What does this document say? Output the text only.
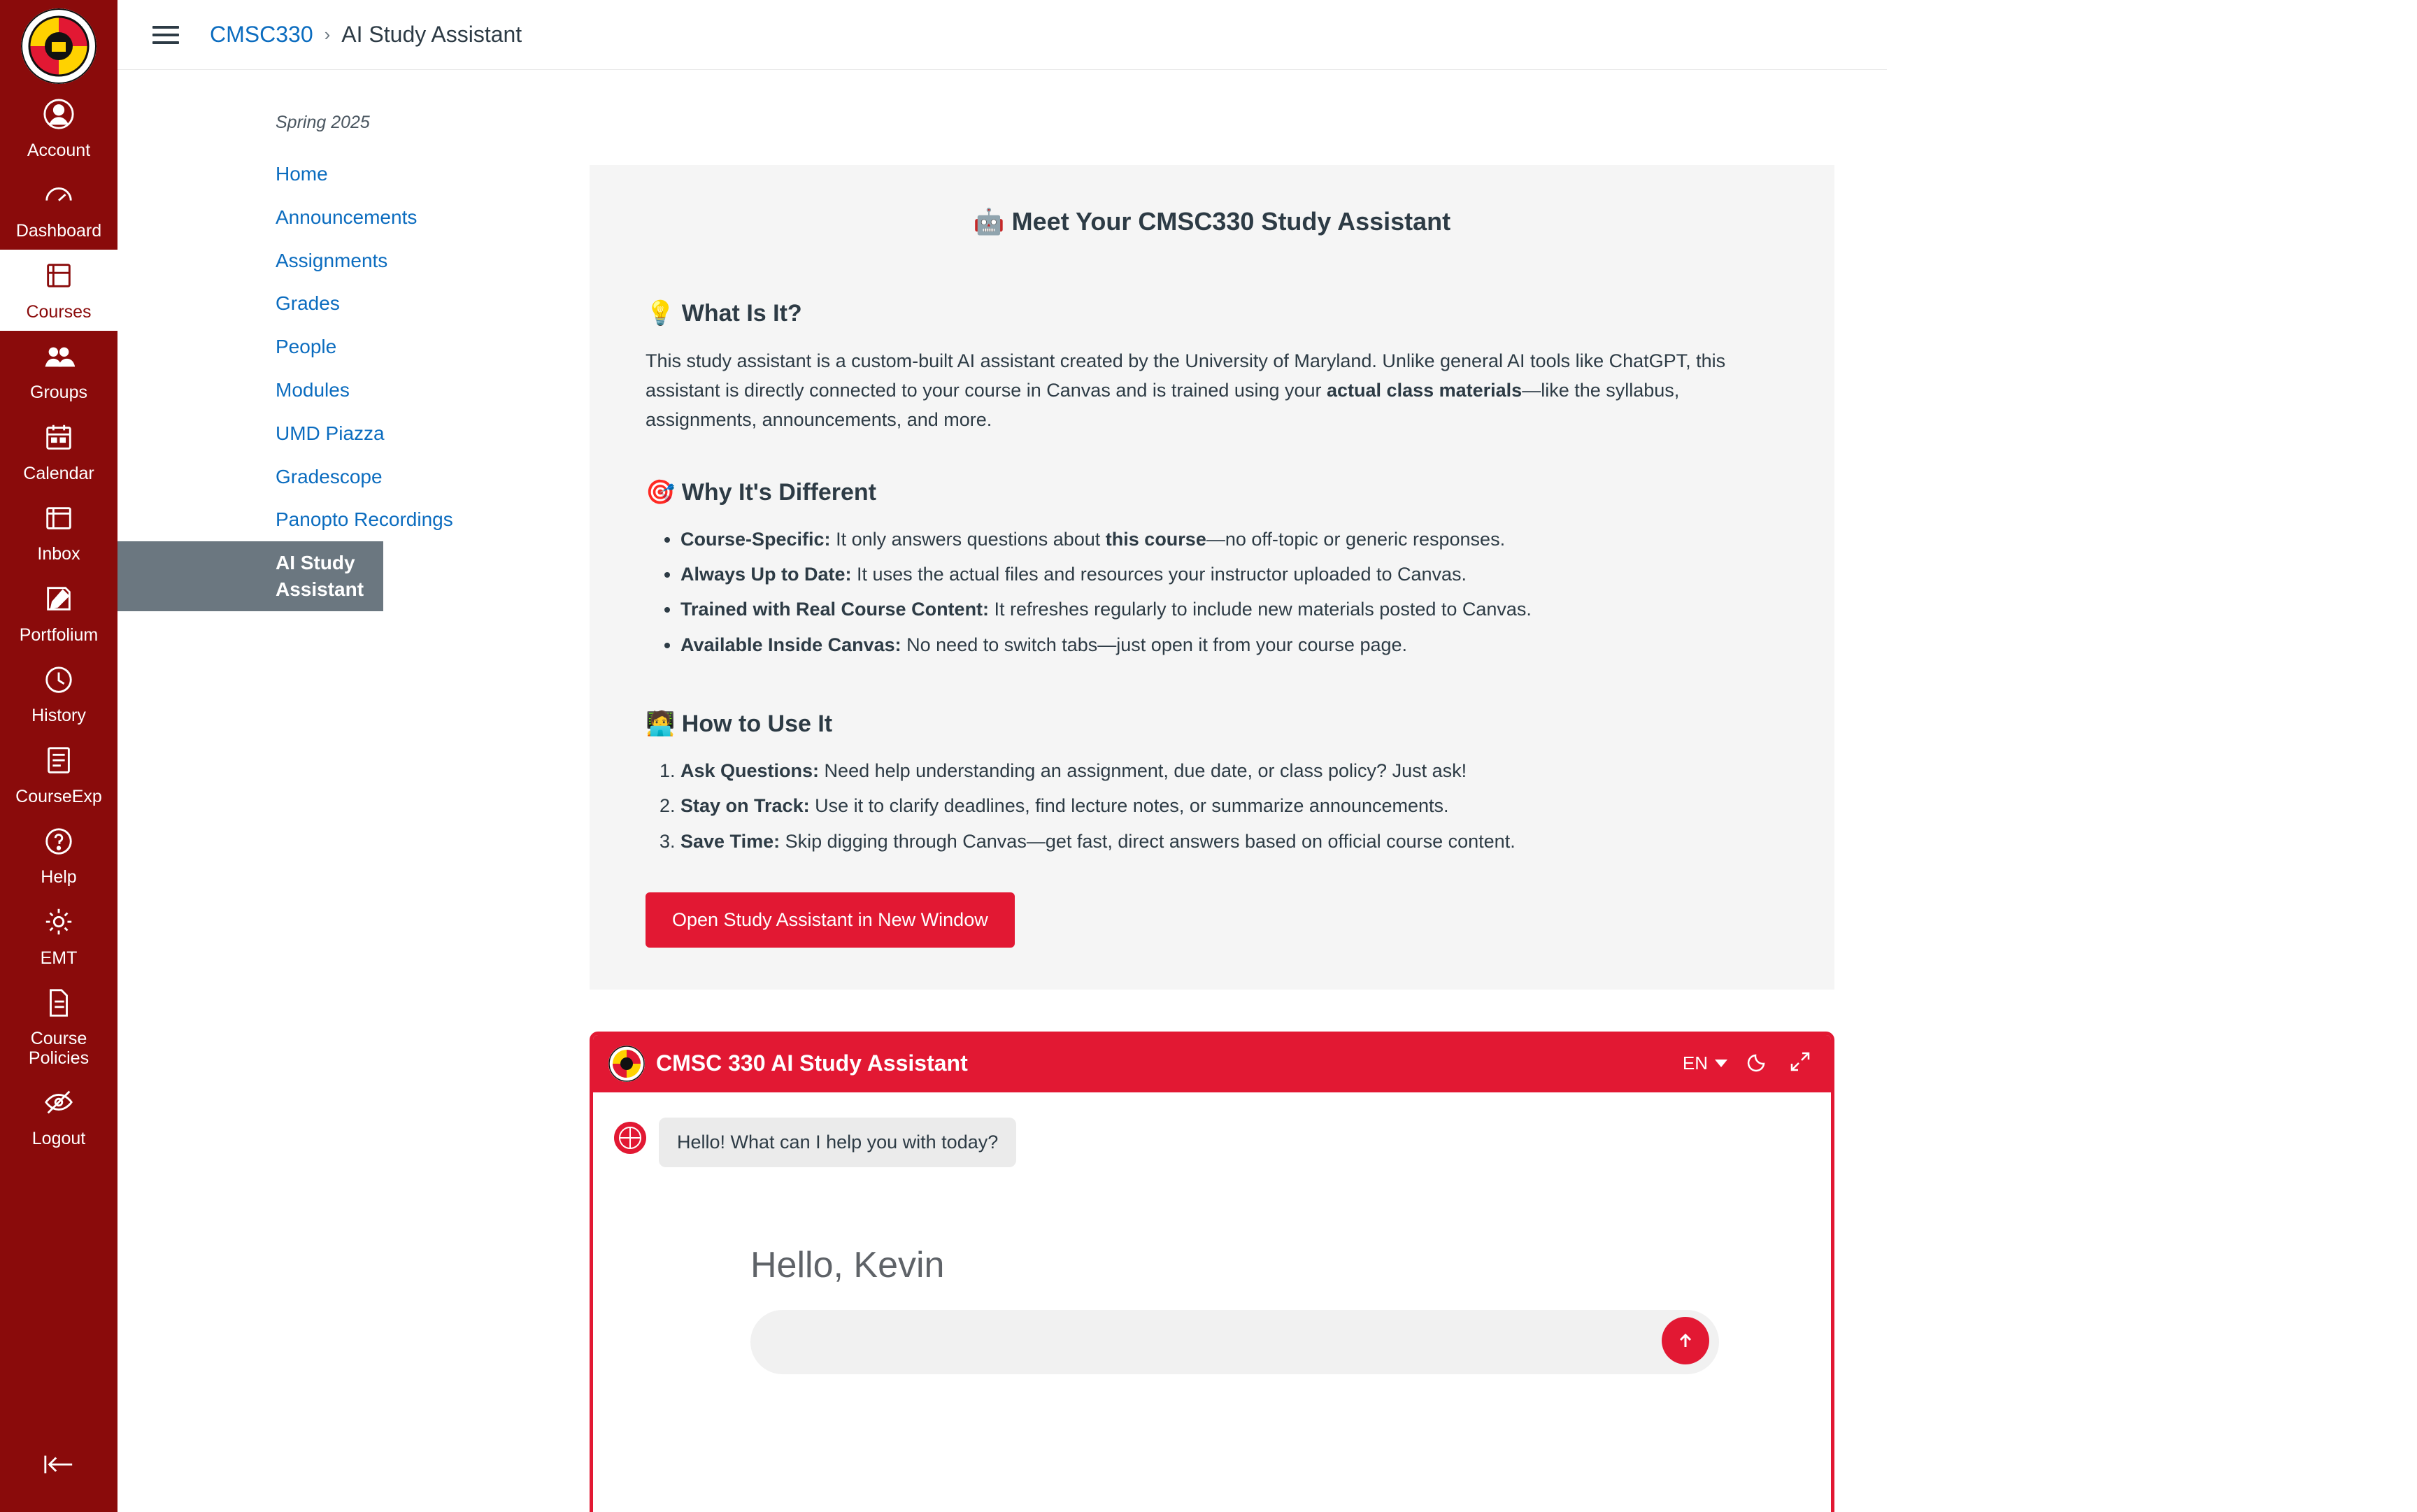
Account
Dashboard
Courses
Groups
Calendar
Inbox
Portfolium
History
CourseExp
Help
EMT
Course Policies
Logout
CMSC330 › AI Study Assistant
Spring 2025
Home
Announcements
Assignments
Grades
People
Modules
UMD Piazza
Gradescope
Panopto Recordings
AI Study Assistant
🤖 Meet Your CMSC330 Study Assistant
💡 What Is It?

This study assistant is a custom-built AI assistant created by the University of Maryland. Unlike general AI tools like ChatGPT, this assistant is directly connected to your course in Canvas and is trained using your actual class materials—like the syllabus, assignments, announcements, and more.

🎯 Why It's Different
• Course-Specific: It only answers questions about this course—no off-topic or generic responses.
• Always Up to Date: It uses the actual files and resources your instructor uploaded to Canvas.
• Trained with Real Course Content: It refreshes regularly to include new materials posted to Canvas.
• Available Inside Canvas: No need to switch tabs—just open it from your course page.
🧑‍💻 How to Use It
1. Ask Questions: Need help understanding an assignment, due date, or class policy? Just ask!
2. Stay on Track: Use it to clarify deadlines, find lecture notes, or summarize announcements.
3. Save Time: Skip digging through Canvas—get fast, direct answers based on official course content.
Open Study Assistant in New Window
CMSC 330 AI Study Assistant	EN
Hello! What can I help you with today?
Hello, Kevin
